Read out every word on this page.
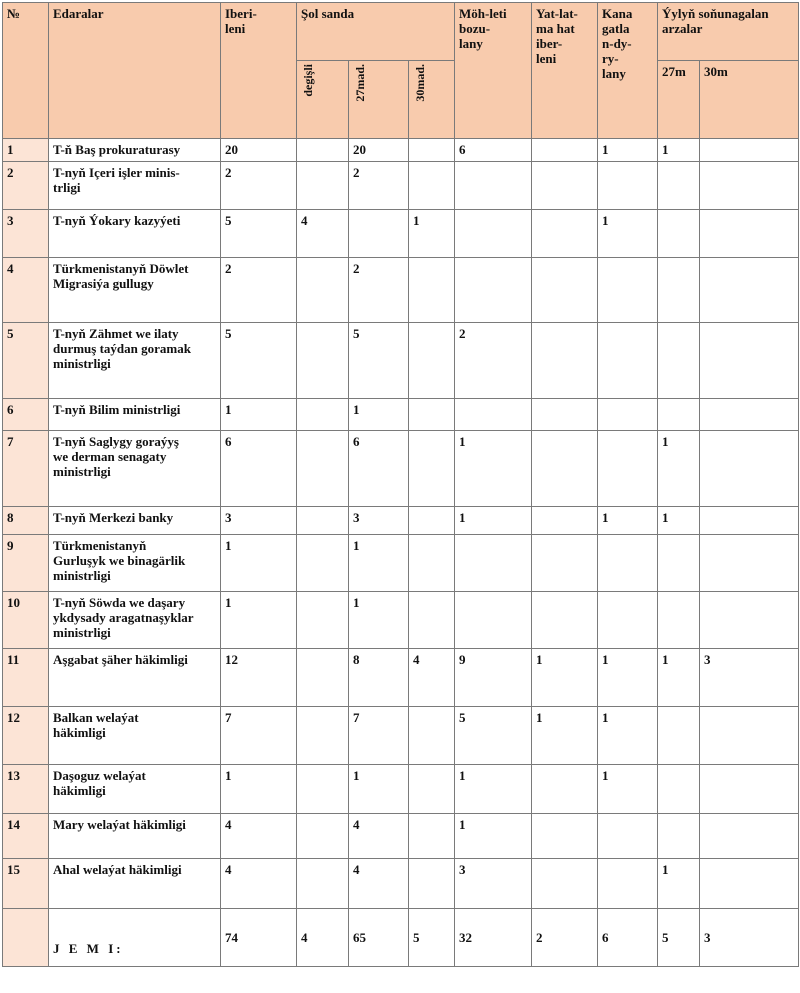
№	Edaralar	Iberi-
leni	Şol sanda			Möh-leti
bozu-
lany	Yat-lat-
ma hat
iber-
leni	Kana
gatla
n-dy-
ry-
lany	Ýylyň soňunagalan
arzalar	
			degişli	27mad.	30mad.				27m	30m
1	T-ň Baş prokuraturasy	20		20		6		1	1	
2	T-nyň Içeri işler minis-
trligi	2		2						
3	T-nyň Ýokary kazyýeti	5	4		1			1		
4	Türkmenistanyň Döwlet
Migrasiýa gullugy	2		2						
5	T-nyň Zähmet we ilaty
durmuş taýdan goramak
ministrligi	5		5		2				
6	T-nyň Bilim ministrligi	1		1						
7	T-nyň Saglygy goraýyş
we derman senagaty
ministrligi	6		6		1			1	
8	T-nyň Merkezi banky	3		3		1		1	1	
9	Türkmenistanyň
Gurluşyk we binagärlik
ministrligi	1		1						
10	T-nyň Söwda we daşary
ykdysady aragatnaşyklar
ministrligi	1		1						
11	Aşgabat şäher häkimligi	12		8	4	9	1	1	1	3
12	Balkan welaýat
häkimligi	7		7		5	1	1		
13	Daşoguz welaýat
häkimligi	1		1		1		1		
14	Mary welaýat häkimligi	4		4		1				
15	Ahal welaýat häkimligi	4		4		3			1	
	J E M I:	74	4	65	5	32	2	6	5	3
